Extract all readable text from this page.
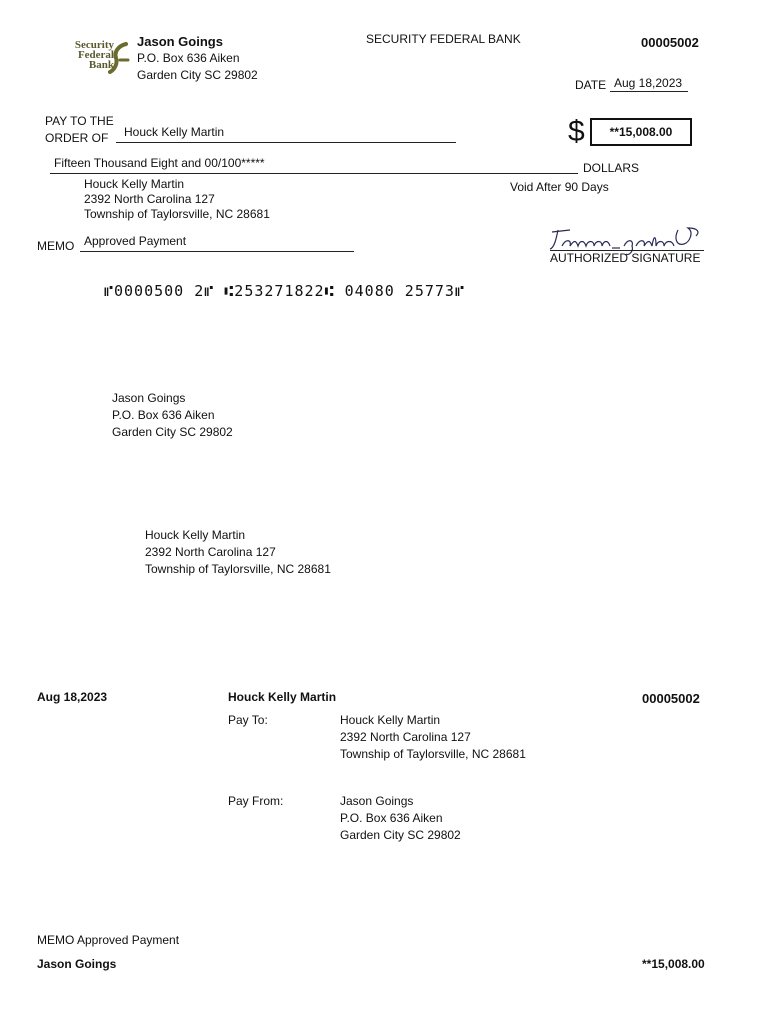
Security
Federal
Bank
Jason Goings
P.O. Box 636 Aiken
Garden City SC 29802
SECURITY FEDERAL BANK	00005002
DATE Aug 18,2023
PAY TO THE
ORDER OF Houck Kelly Martin	$ **15,008.00
Fifteen Thousand Eight and 00/100*****	DOLLARS
Houck Kelly Martin
2392 North Carolina 127
Township of Taylorsville, NC 28681
Void After 90 Days
MEMO Approved Payment
AUTHORIZED SIGNATURE
⑈0000500 2⑈ ⑆253271822⑆ 04080 25773⑈
Jason Goings
P.O. Box 636 Aiken
Garden City SC 29802
Houck Kelly Martin
2392 North Carolina 127
Township of Taylorsville, NC 28681
Aug 18,2023	Houck Kelly Martin	00005002
Pay To:	Houck Kelly Martin
2392 North Carolina 127
Township of Taylorsville, NC 28681
Pay From:	Jason Goings
P.O. Box 636 Aiken
Garden City SC 29802
MEMO Approved Payment
Jason Goings	**15,008.00
